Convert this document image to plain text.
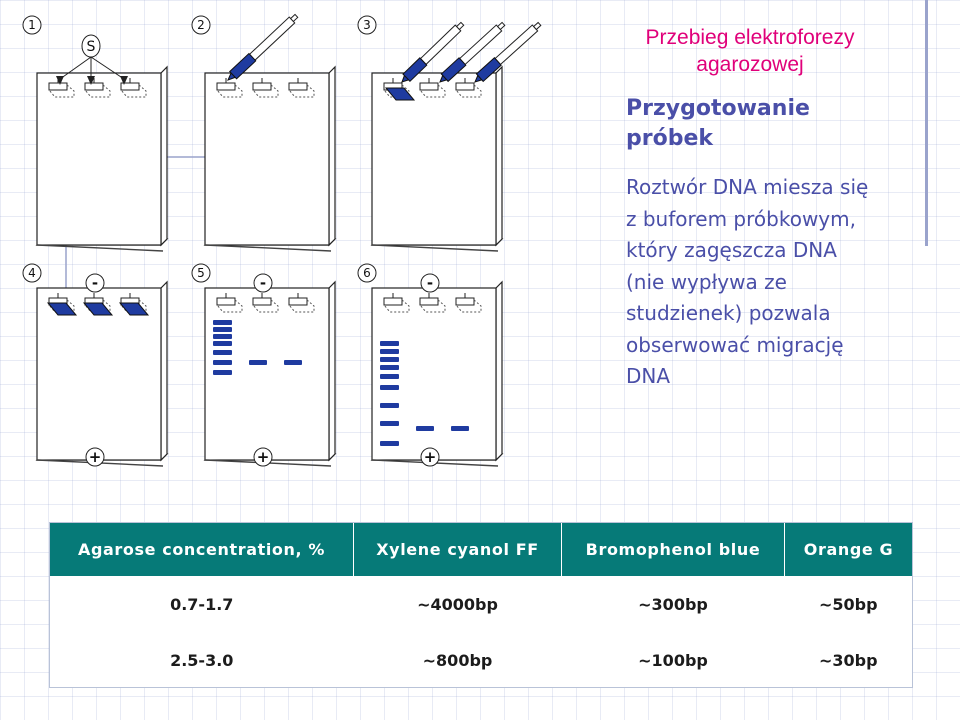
1
S
2	3
4
-
+
5
-
+
6
-
+
Przebieg elektroforezy agarozowej
Przygotowanie próbek
Roztwór DNA miesza się z buforem próbkowym, który zagęszcza DNA (nie wypływa ze studzienek) pozwala obserwować migrację DNA
Agarose concentration, %	Xylene cyanol FF	Bromophenol blue	Orange G
0.7-1.7	~4000bp	~300bp	~50bp
2.5-3.0	~800bp	~100bp	~30bp
